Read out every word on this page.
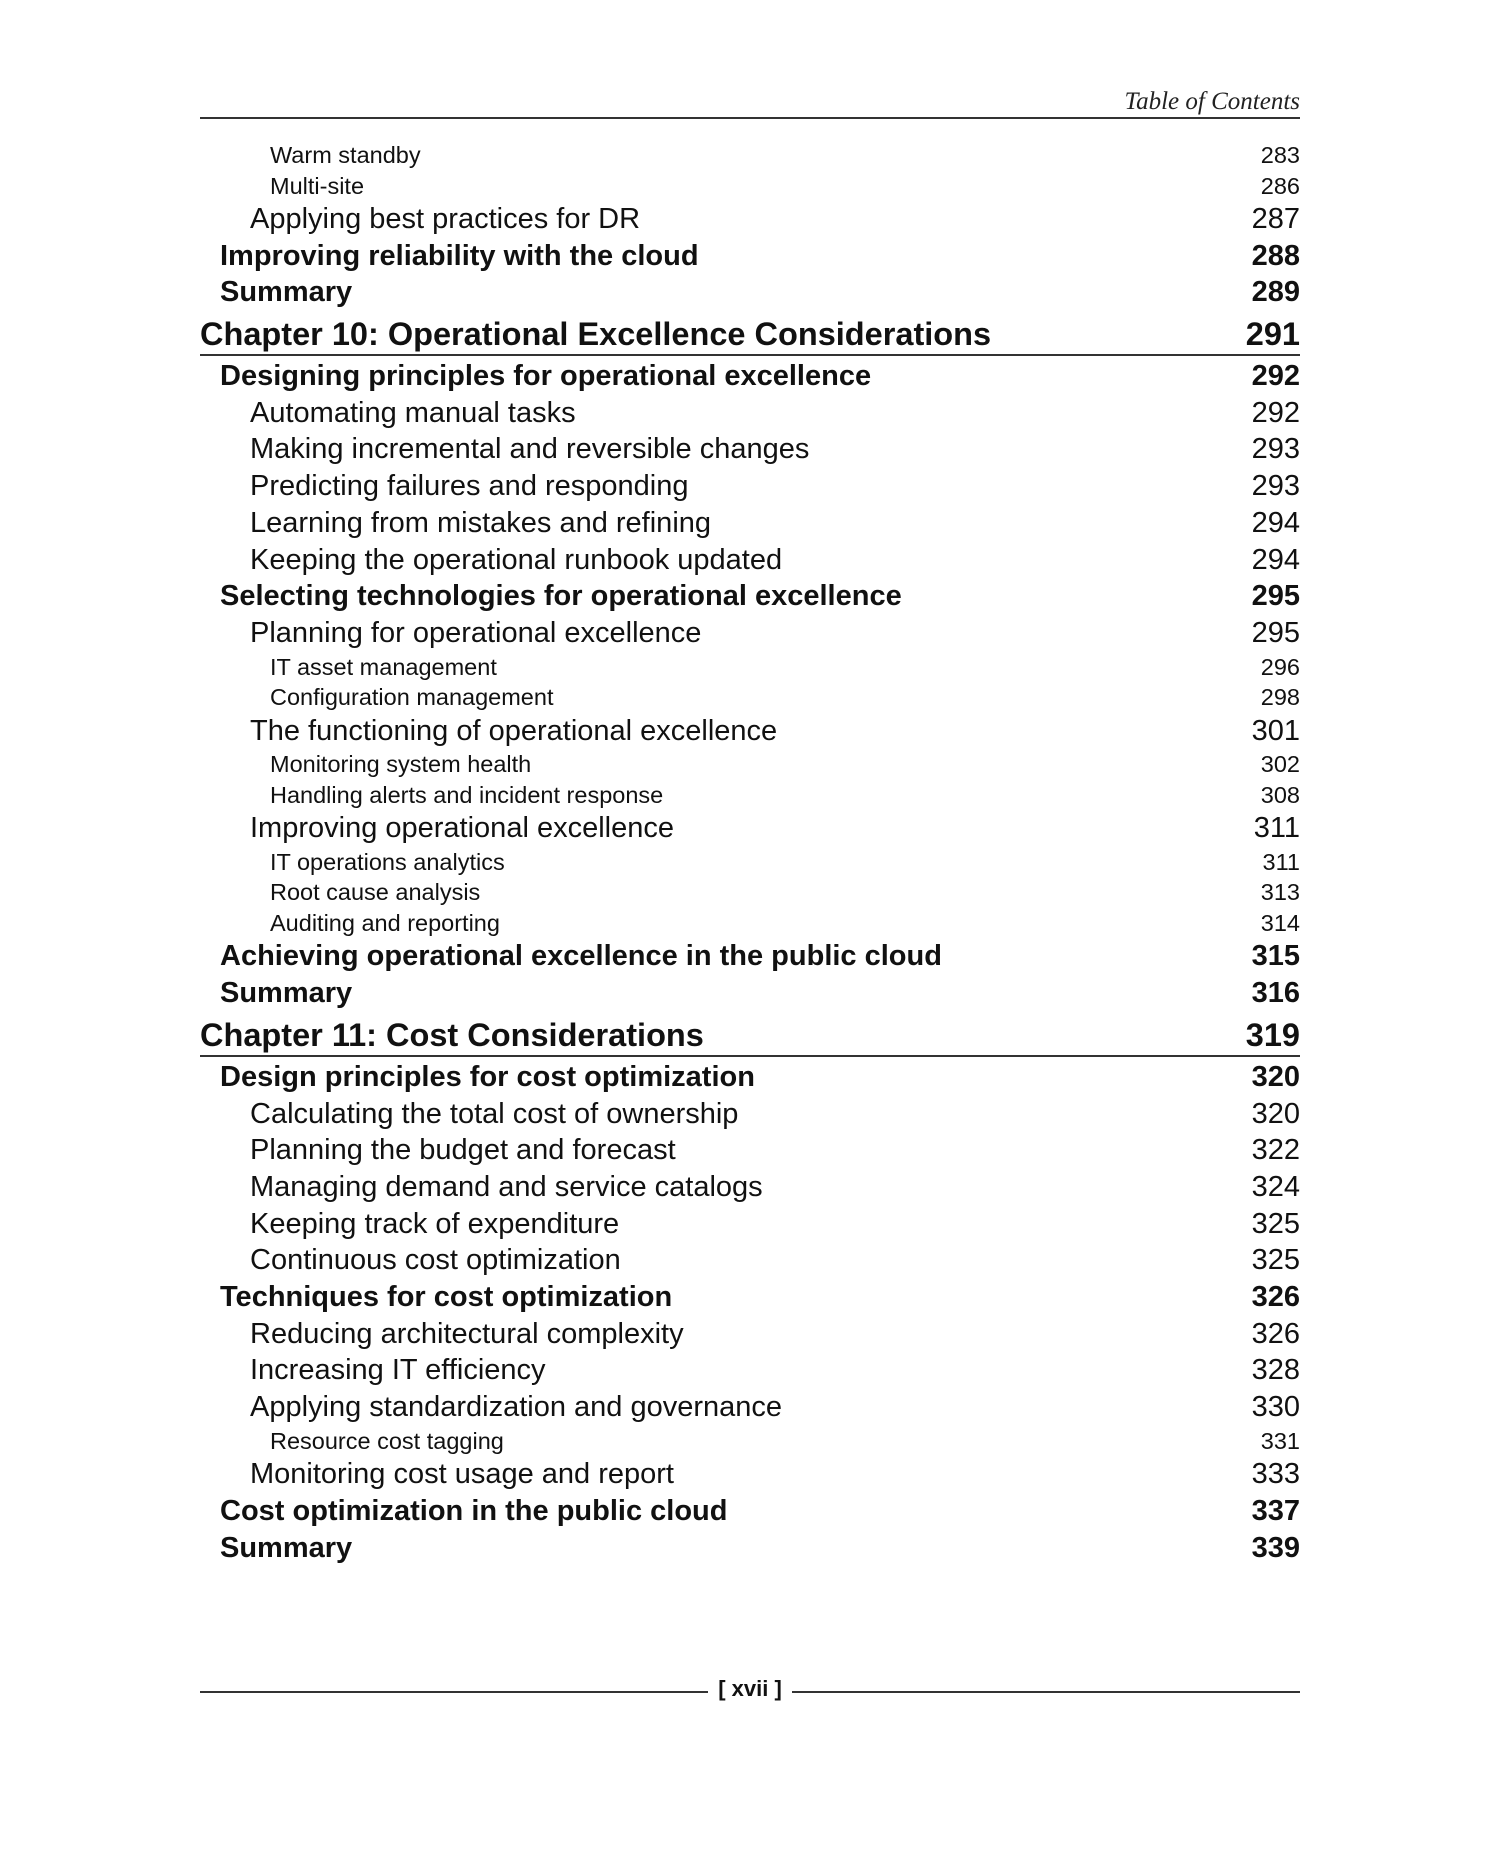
Table of Contents
Warm standby	283
Multi-site	286
Applying best practices for DR	287
Improving reliability with the cloud	288
Summary	289
Chapter 10: Operational Excellence Considerations	291
Designing principles for operational excellence	292
Automating manual tasks	292
Making incremental and reversible changes	293
Predicting failures and responding	293
Learning from mistakes and refining	294
Keeping the operational runbook updated	294
Selecting technologies for operational excellence	295
Planning for operational excellence	295
IT asset management	296
Configuration management	298
The functioning of operational excellence	301
Monitoring system health	302
Handling alerts and incident response	308
Improving operational excellence	311
IT operations analytics	311
Root cause analysis	313
Auditing and reporting	314
Achieving operational excellence in the public cloud	315
Summary	316
Chapter 11: Cost Considerations	319
Design principles for cost optimization	320
Calculating the total cost of ownership	320
Planning the budget and forecast	322
Managing demand and service catalogs	324
Keeping track of expenditure	325
Continuous cost optimization	325
Techniques for cost optimization	326
Reducing architectural complexity	326
Increasing IT efficiency	328
Applying standardization and governance	330
Resource cost tagging	331
Monitoring cost usage and report	333
Cost optimization in the public cloud	337
Summary	339
[ xvii ]
